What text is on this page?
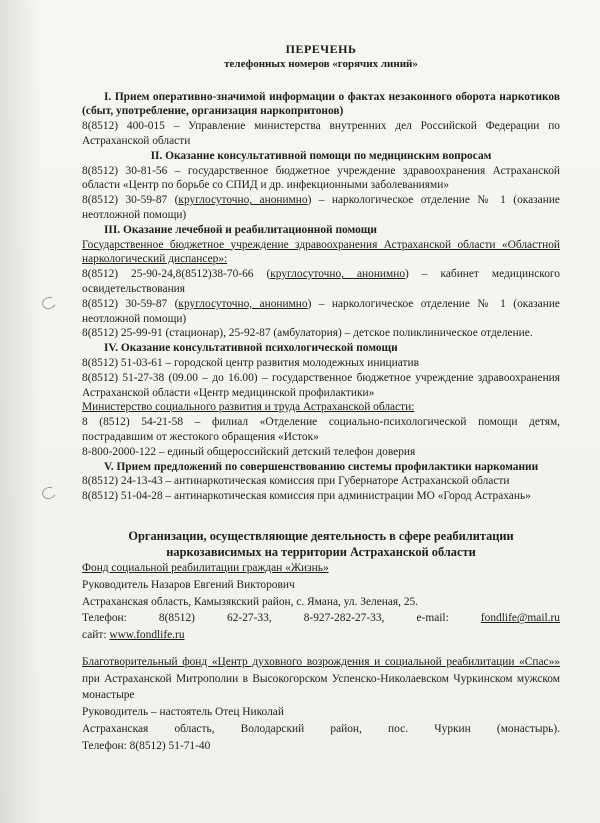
ПЕРЕЧЕНЬ

телефонных номеров «горячих линий»

I. Прием оперативно-значимой информации о фактах незаконного оборота наркотиков (сбыт, употребление, организация наркопритонов)

8(8512) 400-015 – Управление министерства внутренних дел Российской Федерации по Астраханской области

II. Оказание консультативной помощи по медицинским вопросам

8(8512) 30-81-56 – государственное бюджетное учреждение здравоохранения Астраханской области «Центр по борьбе со СПИД и др. инфекционными заболеваниями»

8(8512) 30-59-87 (круглосуточно, анонимно) – наркологическое отделение № 1 (оказание неотложной помощи)

III. Оказание лечебной и реабилитационной помощи

Государственное бюджетное учреждение здравоохранения Астраханской области «Областной наркологический диспансер»:

8(8512) 25-90-24,8(8512)38-70-66 (круглосуточно, анонимно) – кабинет медицинского освидетельствования

8(8512) 30-59-87 (круглосуточно, анонимно) – наркологическое отделение № 1 (оказание неотложной помощи)

8(8512) 25-99-91 (стационар), 25-92-87 (амбулатория) – детское поликлиническое отделение.

IV. Оказание консультативной психологической помощи

8(8512) 51-03-61 – городской центр развития молодежных инициатив

8(8512) 51-27-38 (09.00 – до 16.00) – государственное бюджетное учреждение здравоохранения Астраханской области «Центр медицинской профилактики»

Министерство социального развития и труда Астраханской области:

8 (8512) 54-21-58 – филиал «Отделение социально-психологической помощи детям, пострадавшим от жестокого обращения «Исток»

8-800-2000-122 – единый общероссийский детский телефон доверия

V. Прием предложений по совершенствованию системы профилактики наркомании

8(8512) 24-13-43 – антинаркотическая комиссия при Губернаторе Астраханской области

8(8512) 51-04-28 – антинаркотическая комиссия при администрации МО «Город Астрахань»

Организации, осуществляющие деятельность в сфере реабилитации наркозависимых на территории Астраханской области

Фонд социальной реабилитации граждан «Жизнь»

Руководитель Назаров Евгений Викторович

Астраханская область, Камызякский район, с. Ямана, ул. Зеленая, 25.

Телефон: 8(8512) 62-27-33, 8-927-282-27-33, e-mail: fondlife@mail.ru

сайт: www.fondlife.ru

Благотворительный фонд «Центр духовного возрождения и социальной реабилитации «Спас»» при Астраханской Митрополии в Высокогорском Успенско-Николаевском Чуркинском мужском монастыре

Руководитель – настоятель Отец Николай

Астраханская область, Володарский район, пос. Чуркин (монастырь).

Телефон: 8(8512) 51-71-40
